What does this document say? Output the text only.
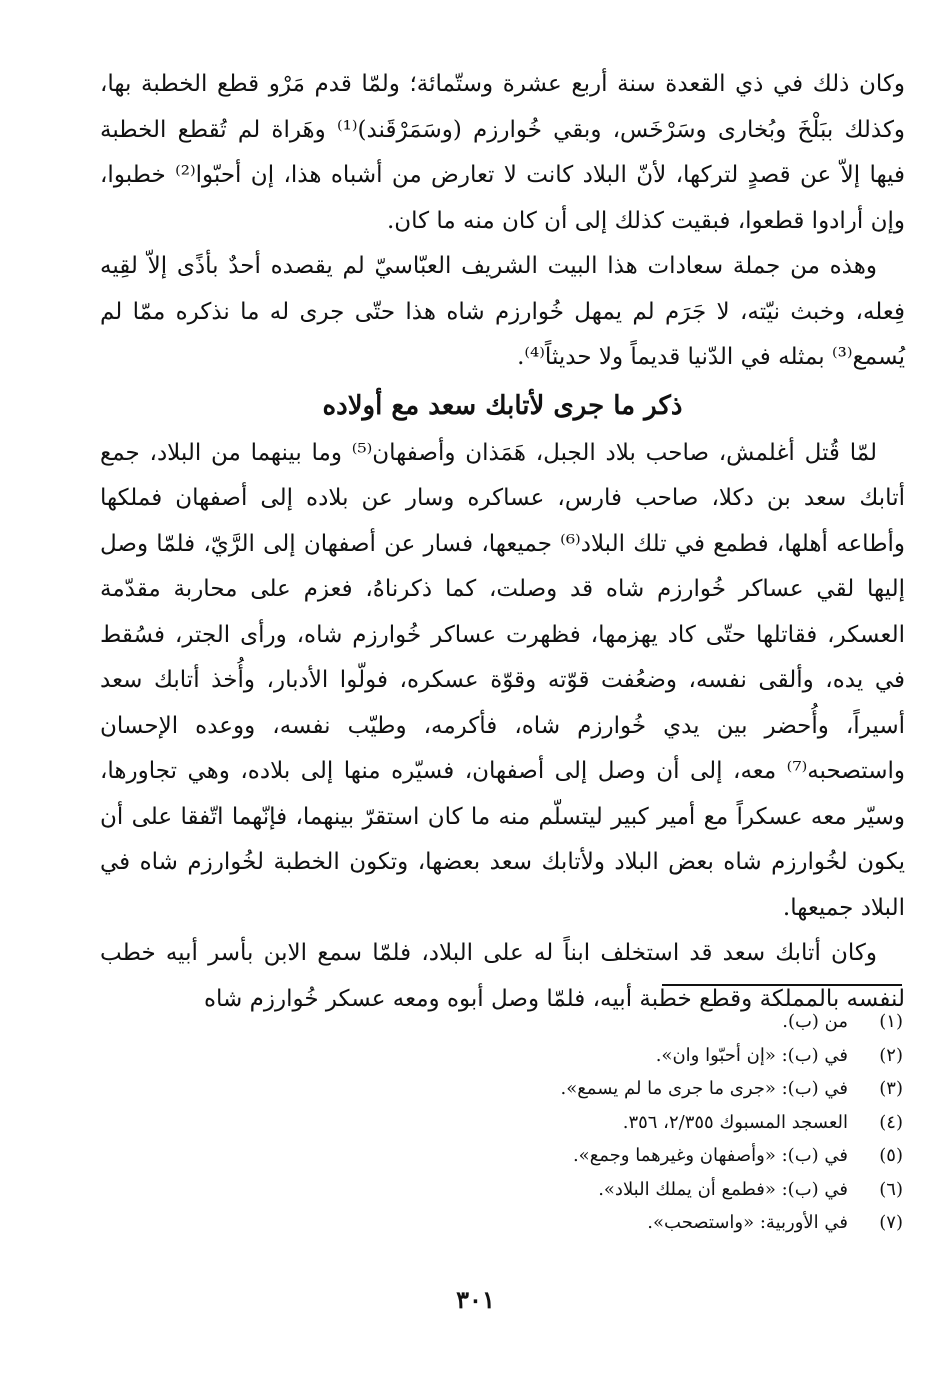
وكان ذلك في ذي القعدة سنة أربع عشرة وستّمائة؛ ولمّا قدم مَرْو قطع الخطبة بها، وكذلك ببَلْخَ وبُخارى وسَرْخَس، وبقي خُوارزم (وسَمَرْقَند)⁽¹⁾ وهَراة لم تُقطع الخطبة فيها إلاّ عن قصدٍ لتركها، لأنّ البلاد كانت لا تعارض من أشباه هذا، إن أحبّوا⁽²⁾ خطبوا، وإن أرادوا قطعوا، فبقيت كذلك إلى أن كان منه ما كان.

وهذه من جملة سعادات هذا البيت الشريف العبّاسيّ لم يقصده أحدٌ بأذًى إلاّ لقِيه فِعله، وخبث نيّته، لا جَرَم لم يمهل خُوارزم شاه هذا حتّى جرى له ما نذكره ممّا لم يُسمع⁽³⁾ بمثله في الدّنيا قديماً ولا حديثاً⁽⁴⁾.

ذكر ما جرى لأتابك سعد مع أولاده

لمّا قُتل أغلمش، صاحب بلاد الجبل، هَمَذان وأصفهان⁽⁵⁾ وما بينهما من البلاد، جمع أتابك سعد بن دكلا، صاحب فارس، عساكره وسار عن بلاده إلى أصفهان فملكها وأطاعه أهلها، فطمع في تلك البلاد⁽⁶⁾ جميعها، فسار عن أصفهان إلى الرَّيّ، فلمّا وصل إليها لقي عساكر خُوارزم شاه قد وصلت، كما ذكرناهُ، فعزم على محاربة مقدّمة العسكر، فقاتلها حتّى كاد يهزمها، فظهرت عساكر خُوارزم شاه، ورأى الجتر، فسُقط في يده، وألقى نفسه، وضعُفت قوّته وقوّة عسكره، فولّوا الأدبار، وأُخذ أتابك سعد أسيراً، وأُحضر بين يدي خُوارزم شاه، فأكرمه، وطيّب نفسه، ووعده الإحسان واستصحبه⁽⁷⁾ معه، إلى أن وصل إلى أصفهان، فسيّره منها إلى بلاده، وهي تجاورها، وسيّر معه عسكراً مع أمير كبير ليتسلّم منه ما كان استقرّ بينهما، فإنّهما اتّفقا على أن يكون لخُوارزم شاه بعض البلاد ولأتابك سعد بعضها، وتكون الخطبة لخُوارزم شاه في البلاد جميعها.

وكان أتابك سعد قد استخلف ابناً له على البلاد، فلمّا سمع الابن بأسر أبيه خطب لنفسه بالمملكة وقطع خطبة أبيه، فلمّا وصل أبوه ومعه عسكر خُوارزم شاه

(١)
من (ب).
(٢)
في (ب): «إن أحبّوا وان».
(٣)
في (ب): «جرى ما جرى ما لم يسمع».
(٤)
العسجد المسبوك ٢/٣٥٥، ٣٥٦.
(٥)
في (ب): «وأصفهان وغيرهما وجمع».
(٦)
في (ب): «فطمع أن يملك البلاد».
(٧)
في الأوربية: «واستصحب».
٣٠١
